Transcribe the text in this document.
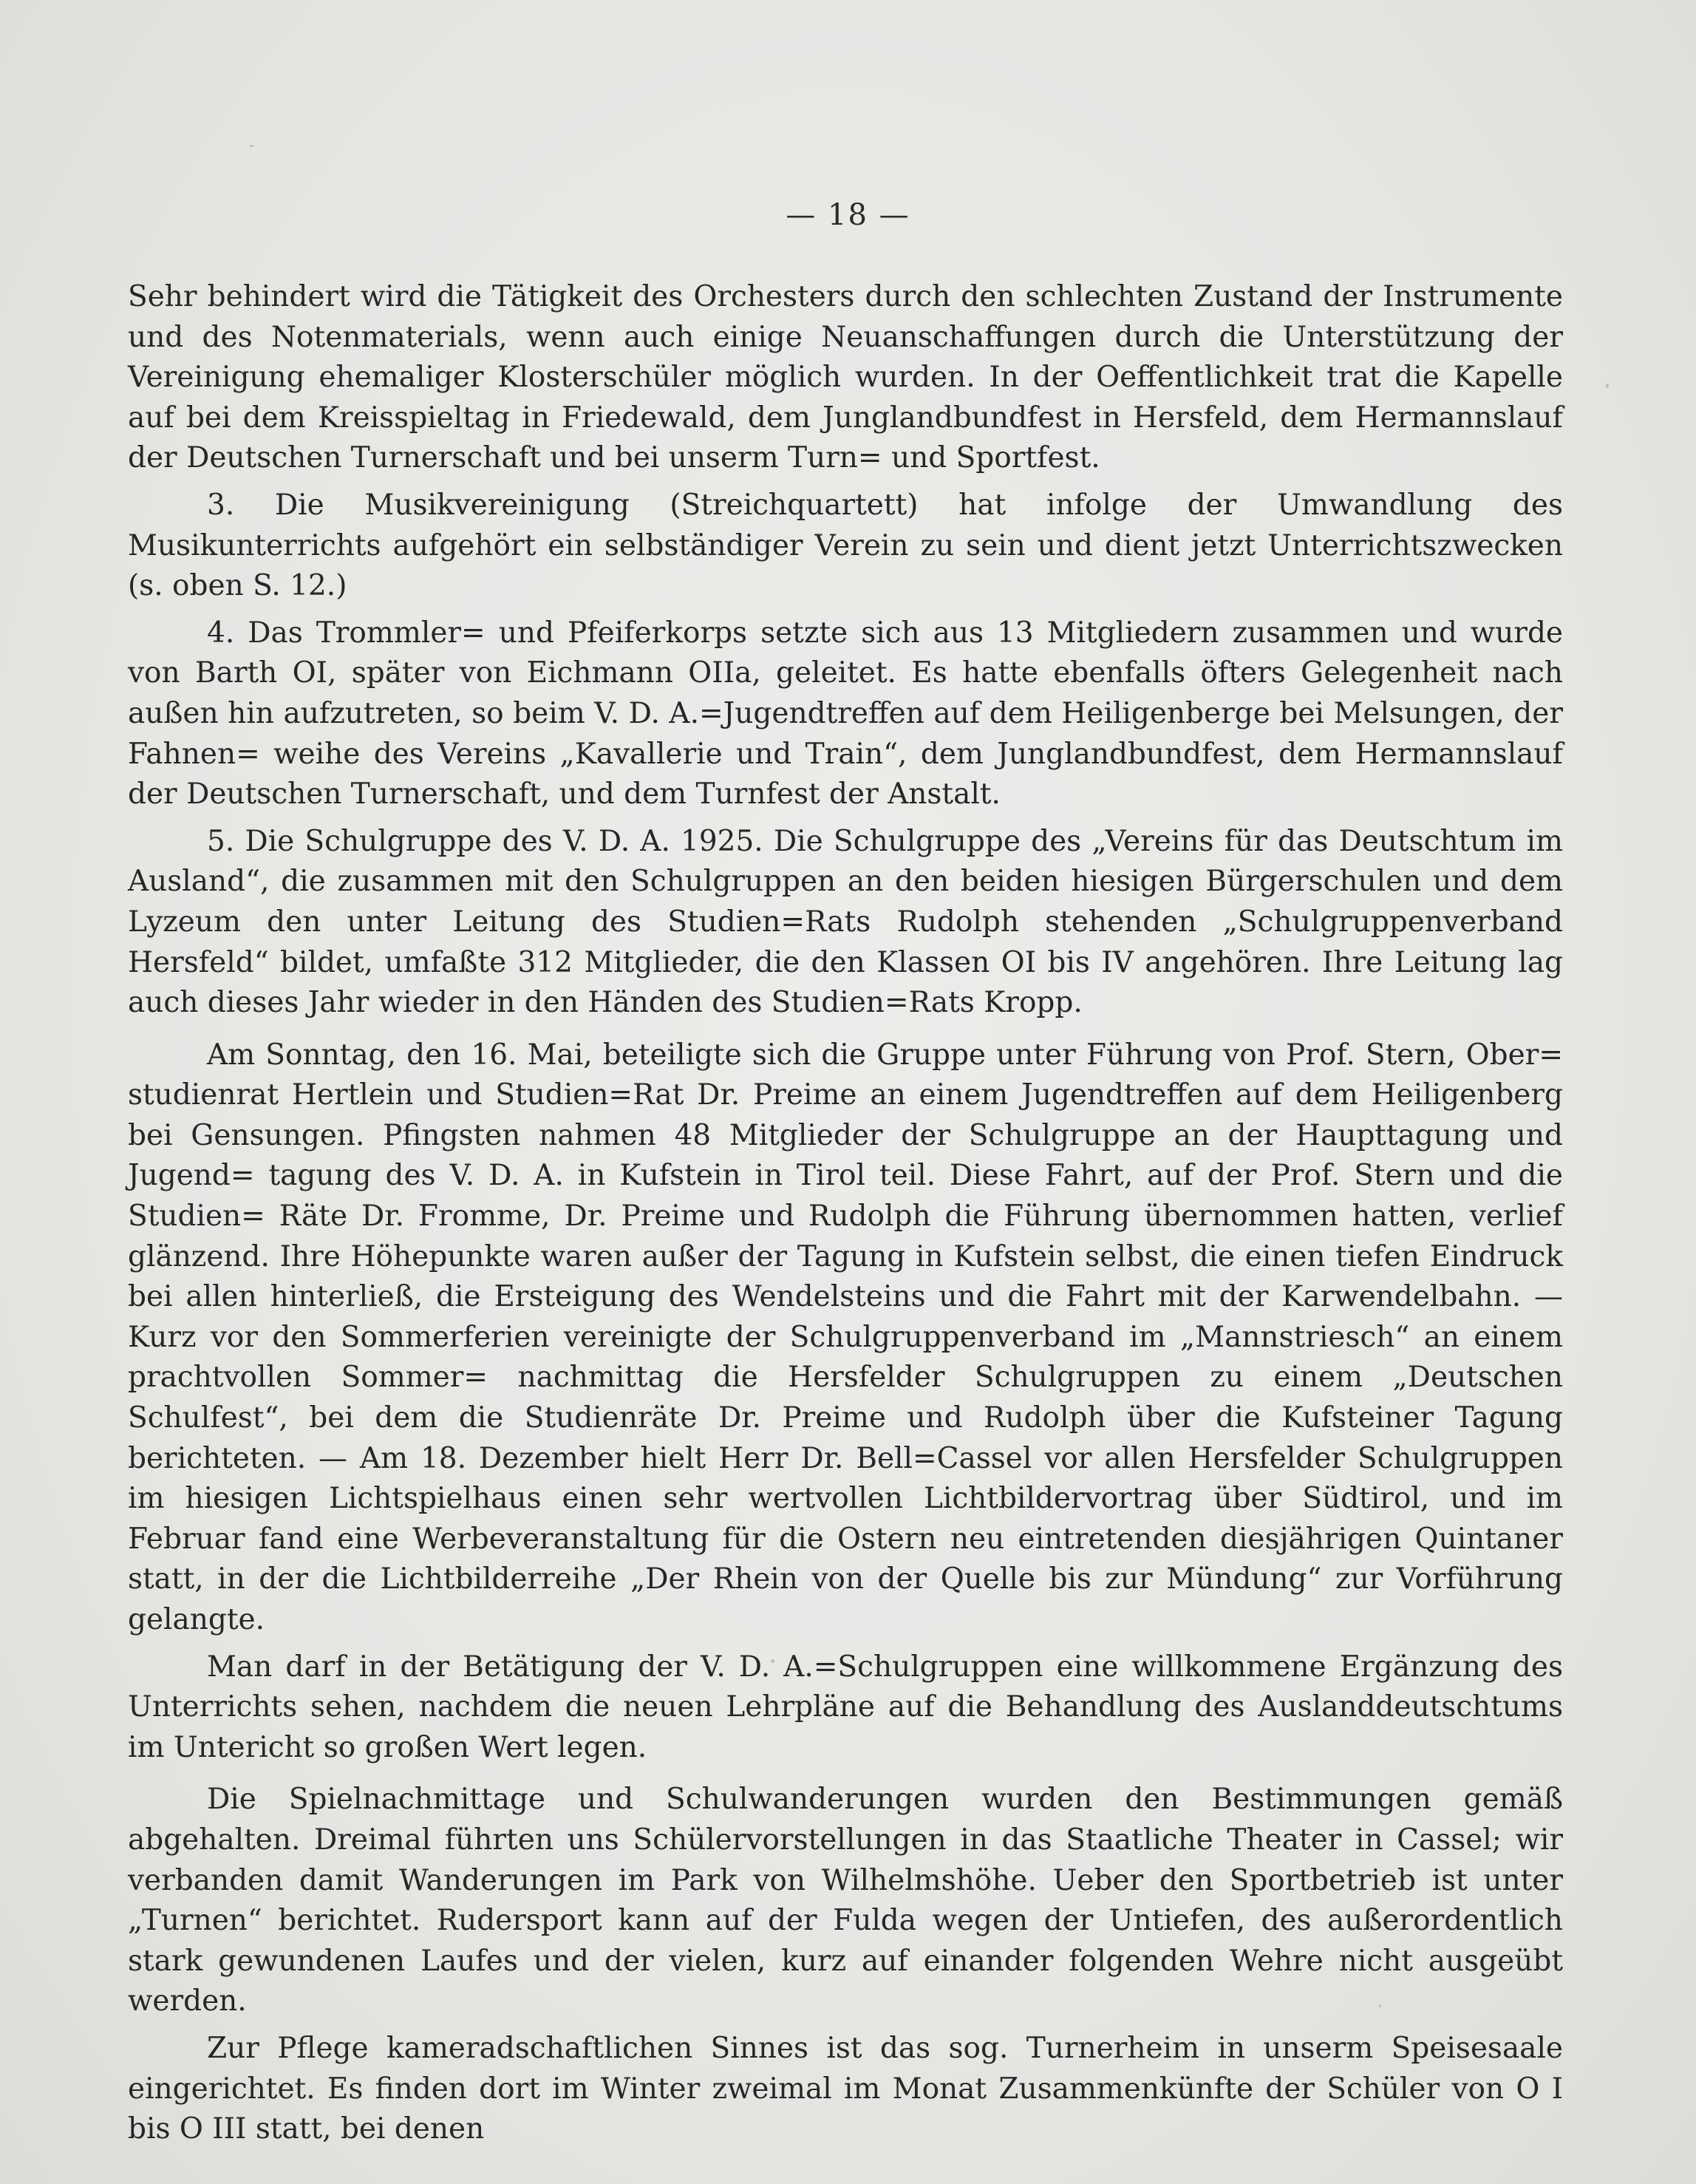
— 18 —

Sehr behindert wird die Tätigkeit des Orchesters durch den schlechten Zustand der Instrumente und des Notenmaterials, wenn auch einige Neuanschaffungen durch die Unterstützung der Vereinigung ehemaliger Klosterschüler möglich wurden. In der Oeffentlichkeit trat die Kapelle auf bei dem Kreisspieltag in Friedewald, dem Junglandbundfest in Hersfeld, dem Hermannslauf der Deutschen Turnerschaft und bei unserm Turn= und Sportfest.

3. Die Musikvereinigung (Streichquartett) hat infolge der Umwandlung des Musikunterrichts aufgehört ein selbständiger Verein zu sein und dient jetzt Unterrichtszwecken (s. oben S. 12.)

4. Das Trommler= und Pfeiferkorps setzte sich aus 13 Mitgliedern zusammen und wurde von Barth OI, später von Eichmann OIIa, geleitet. Es hatte ebenfalls öfters Gelegenheit nach außen hin aufzutreten, so beim V. D. A.=Jugendtreffen auf dem Heiligenberge bei Melsungen, der Fahnen= weihe des Vereins „Kavallerie und Train“, dem Junglandbundfest, dem Hermannslauf der Deutschen Turnerschaft, und dem Turnfest der Anstalt.

5. Die Schulgruppe des V. D. A. 1925. Die Schulgruppe des „Vereins für das Deutschtum im Ausland“, die zusammen mit den Schulgruppen an den beiden hiesigen Bürgerschulen und dem Lyzeum den unter Leitung des Studien=Rats Rudolph stehenden „Schulgruppenverband Hersfeld“ bildet, umfaßte 312 Mitglieder, die den Klassen OI bis IV angehören. Ihre Leitung lag auch dieses Jahr wieder in den Händen des Studien=Rats Kropp.

Am Sonntag, den 16. Mai, beteiligte sich die Gruppe unter Führung von Prof. Stern, Ober= studienrat Hertlein und Studien=Rat Dr. Preime an einem Jugendtreffen auf dem Heiligenberg bei Gensungen. Pfingsten nahmen 48 Mitglieder der Schulgruppe an der Haupttagung und Jugend= tagung des V. D. A. in Kufstein in Tirol teil. Diese Fahrt, auf der Prof. Stern und die Studien= Räte Dr. Fromme, Dr. Preime und Rudolph die Führung übernommen hatten, verlief glänzend. Ihre Höhepunkte waren außer der Tagung in Kufstein selbst, die einen tiefen Eindruck bei allen hinterließ, die Ersteigung des Wendelsteins und die Fahrt mit der Karwendelbahn. — Kurz vor den Sommerferien vereinigte der Schulgruppenverband im „Mannstriesch“ an einem prachtvollen Sommer= nachmittag die Hersfelder Schulgruppen zu einem „Deutschen Schulfest“, bei dem die Studienräte Dr. Preime und Rudolph über die Kufsteiner Tagung berichteten. — Am 18. Dezember hielt Herr Dr. Bell=Cassel vor allen Hersfelder Schulgruppen im hiesigen Lichtspielhaus einen sehr wertvollen Lichtbildervortrag über Südtirol, und im Februar fand eine Werbeveranstaltung für die Ostern neu eintretenden diesjährigen Quintaner statt, in der die Lichtbilderreihe „Der Rhein von der Quelle bis zur Mündung“ zur Vorführung gelangte.

Man darf in der Betätigung der V. D. A.=Schulgruppen eine willkommene Ergänzung des Unterrichts sehen, nachdem die neuen Lehrpläne auf die Behandlung des Auslanddeutschtums im Untericht so großen Wert legen.

Die Spielnachmittage und Schulwanderungen wurden den Bestimmungen gemäß abgehalten. Dreimal führten uns Schülervorstellungen in das Staatliche Theater in Cassel; wir verbanden damit Wanderungen im Park von Wilhelmshöhe. Ueber den Sportbetrieb ist unter „Turnen“ berichtet. Rudersport kann auf der Fulda wegen der Untiefen, des außerordentlich stark gewundenen Laufes und der vielen, kurz auf einander folgenden Wehre nicht ausgeübt werden.

Zur Pflege kameradschaftlichen Sinnes ist das sog. Turnerheim in unserm Speisesaale eingerichtet. Es finden dort im Winter zweimal im Monat Zusammenkünfte der Schüler von O I bis O III statt, bei denen
